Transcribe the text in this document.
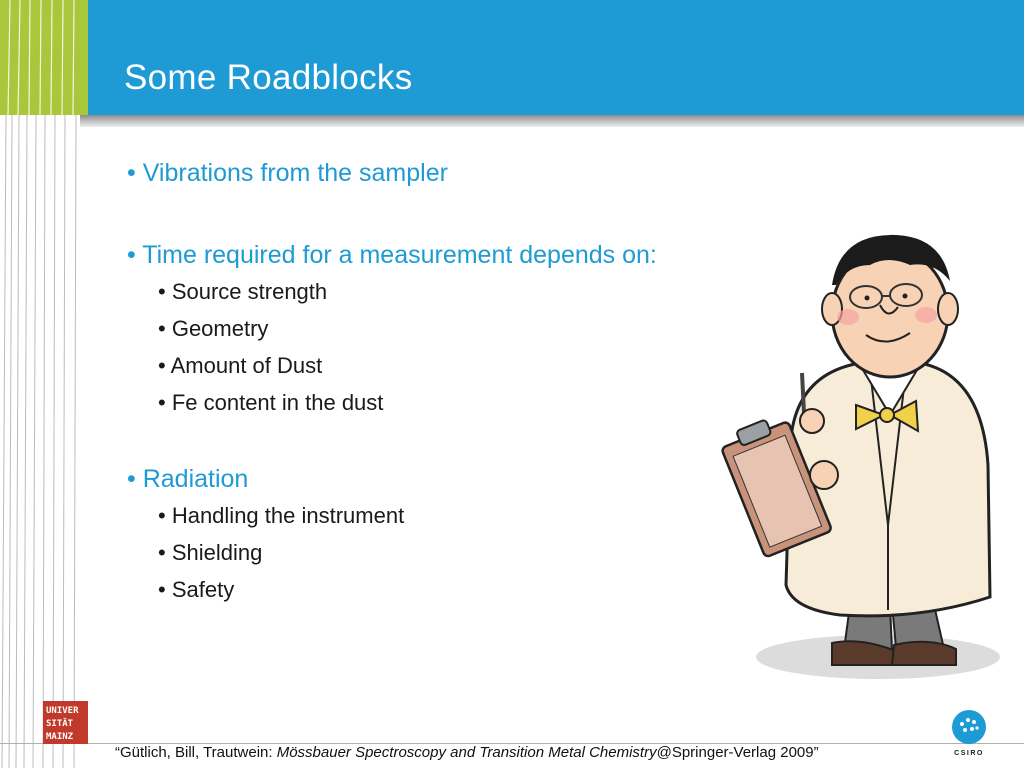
Some Roadblocks
• Vibrations from the sampler
• Time required for a measurement depends on:
• Source strength
• Geometry
• Amount of Dust
• Fe content in the dust
• Radiation
• Handling the instrument
• Shielding
• Safety
“Gütlich, Bill, Trautwein: Mössbauer Spectroscopy and Transition Metal Chemistry@Springer-Verlag 2009”
UNIVER
SITÄT
MAINZ
CSIRO
